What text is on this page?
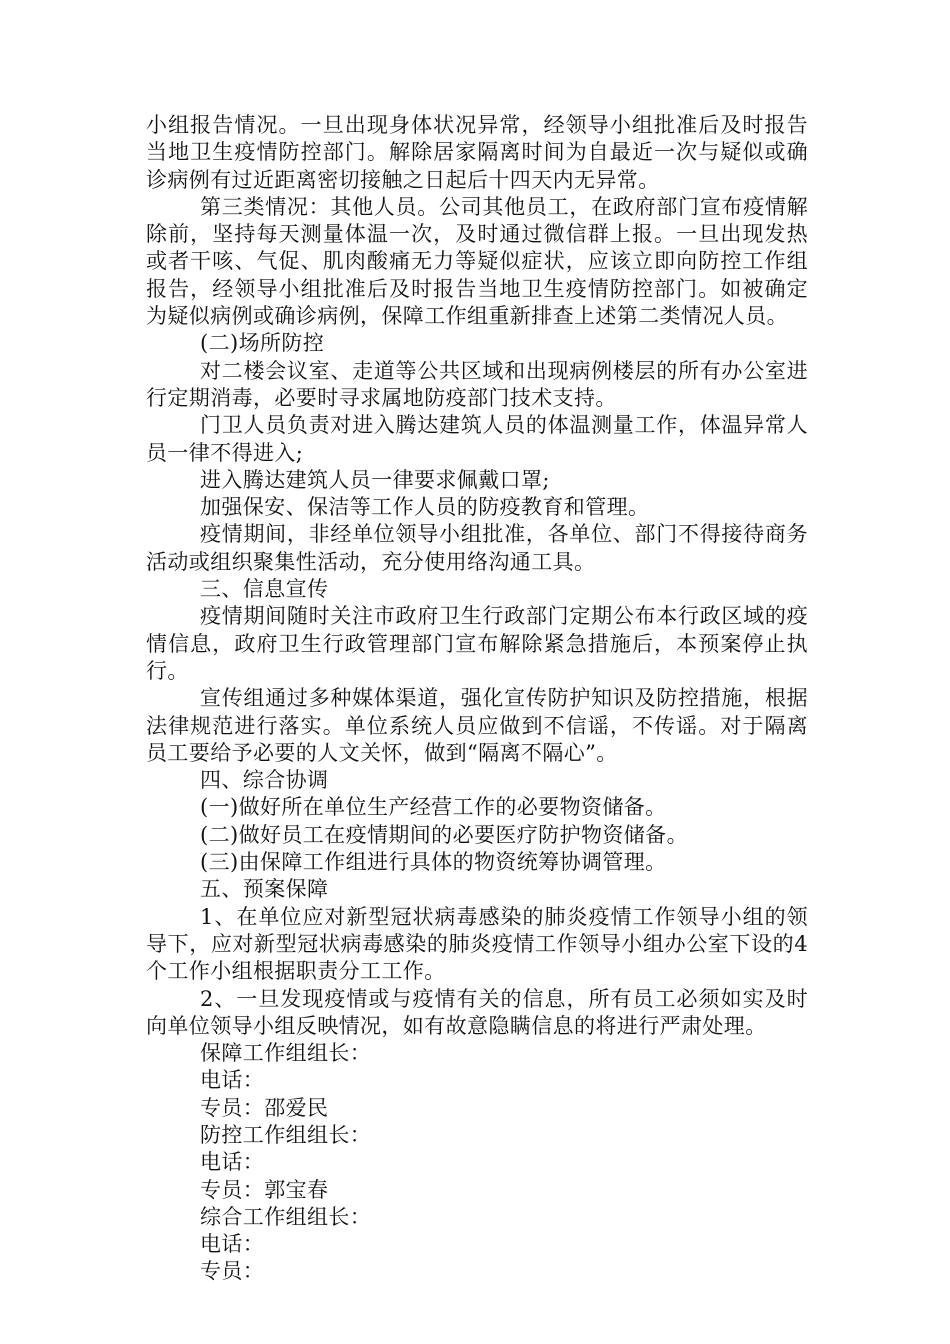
小组报告情况。一旦出现身体状况异常，经领导小组批准后及时报告当地卫生疫情防控部门。解除居家隔离时间为自最近一次与疑似或确诊病例有过近距离密切接触之日起后十四天内无异常。

第三类情况：其他人员。公司其他员工，在政府部门宣布疫情解除前，坚持每天测量体温一次，及时通过微信群上报。一旦出现发热或者干咳、气促、肌肉酸痛无力等疑似症状，应该立即向防控工作组报告，经领导小组批准后及时报告当地卫生疫情防控部门。如被确定为疑似病例或确诊病例，保障工作组重新排查上述第二类情况人员。

(二)场所防控

对二楼会议室、走道等公共区域和出现病例楼层的所有办公室进行定期消毒，必要时寻求属地防疫部门技术支持。

门卫人员负责对进入腾达建筑人员的体温测量工作，体温异常人员一律不得进入;

进入腾达建筑人员一律要求佩戴口罩;

加强保安、保洁等工作人员的防疫教育和管理。

疫情期间，非经单位领导小组批准，各单位、部门不得接待商务活动或组织聚集性活动，充分使用络沟通工具。

三、信息宣传

疫情期间随时关注市政府卫生行政部门定期公布本行政区域的疫情信息，政府卫生行政管理部门宣布解除紧急措施后，本预案停止执行。

宣传组通过多种媒体渠道，强化宣传防护知识及防控措施，根据法律规范进行落实。单位系统人员应做到不信谣，不传谣。对于隔离员工要给予必要的人文关怀，做到“隔离不隔心”。

四、综合协调

(一)做好所在单位生产经营工作的必要物资储备。

(二)做好员工在疫情期间的必要医疗防护物资储备。

(三)由保障工作组进行具体的物资统筹协调管理。

五、预案保障

1、在单位应对新型冠状病毒感染的肺炎疫情工作领导小组的领导下，应对新型冠状病毒感染的肺炎疫情工作领导小组办公室下设的4个工作小组根据职责分工工作。

2、一旦发现疫情或与疫情有关的信息，所有员工必须如实及时向单位领导小组反映情况，如有故意隐瞒信息的将进行严肃处理。

保障工作组组长：

电话：

专员：邵爱民

防控工作组组长：

电话：

专员：郭宝春

综合工作组组长：

电话：

专员：
